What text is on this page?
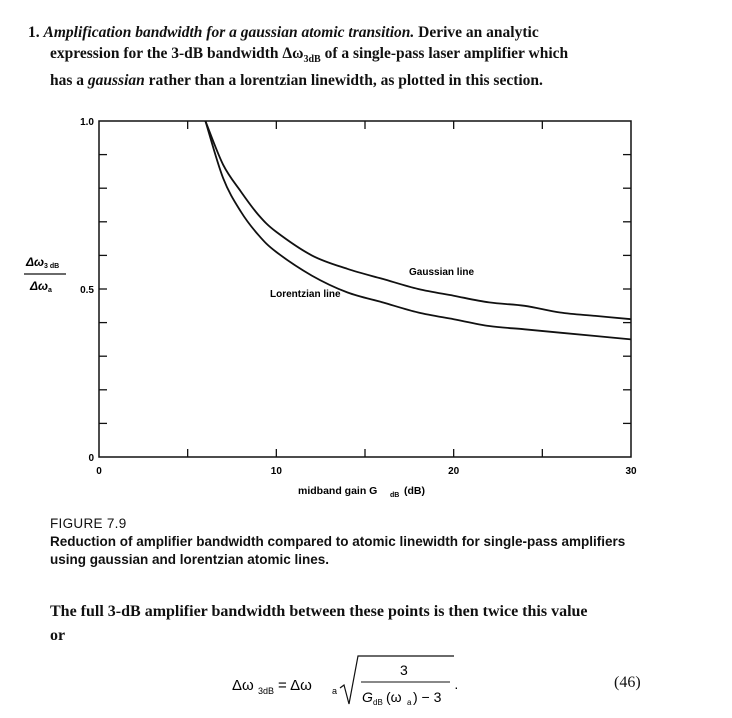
1. Amplification bandwidth for a gaussian atomic transition. Derive an analytic
expression for the 3-dB bandwidth $\Delta\omega_{3dB}$ of a single-pass laser amplifier which
has a gaussian rather than a lorentzian linewidth, as plotted in this section.
Δω 3 dB
Δω a
0	10	20	30
0
0.5
1.0
Gaussian line
Lorentzian line
midband gain G dB (dB)
FIGURE 7.9
Reduction of amplifier bandwidth compared to atomic linewidth for single-pass amplifiers
using gaussian and lorentzian atomic lines.
The full 3-dB amplifier bandwidth between these points is then twice this value
or
Δω 3dB = Δω a
3
G dB (ω a ) − 3
·	(46)
